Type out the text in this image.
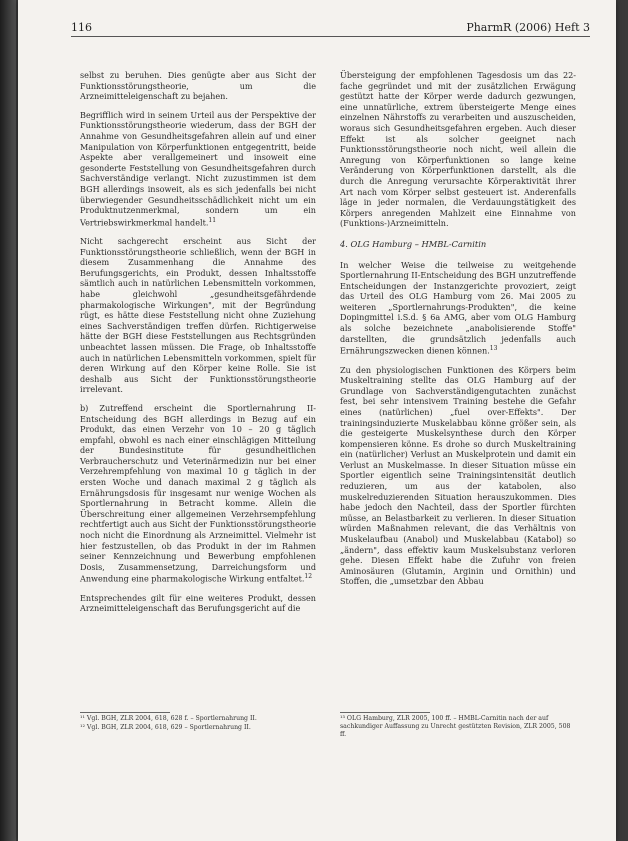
116	PharmR (2006) Heft 3

selbst zu beruhen. Dies genügte aber aus Sicht der Funktionsstörungstheorie, um die Arzneimitteleigenschaft zu bejahen.

Begrifflich wird in seinem Urteil aus der Perspektive der Funktionsstörungstheorie wiederum, dass der BGH der Annahme von Gesundheitsgefahren allein auf und einer Manipulation von Körperfunktionen entgegentritt, beide Aspekte aber verallgemeinert und insoweit eine gesonderte Feststellung von Gesundheitsgefahren durch Sachverständige verlangt. Nicht zuzustimmen ist dem BGH allerdings insoweit, als es sich jedenfalls bei nicht überwiegender Gesundheitsschädlichkeit nicht um ein Produktnutzenmerkmal, sondern um ein Vertriebswirkmerkmal handelt.$^{11}$

Nicht sachgerecht erscheint aus Sicht der Funktionsstörungstheorie schließlich, wenn der BGH in diesem Zusammenhang die Annahme des Berufungsgerichts, ein Produkt, dessen Inhaltsstoffe sämtlich auch in natürlichen Lebensmitteln vorkommen, habe gleichwohl „gesundheitsgefährdende pharmakologische Wirkungen", mit der Begründung rügt, es hätte diese Feststellung nicht ohne Zuziehung eines Sachverständigen treffen dürfen. Richtigerweise hätte der BGH diese Feststellungen aus Rechtsgründen unbeachtet lassen müssen. Die Frage, ob Inhaltsstoffe auch in natürlichen Lebensmitteln vorkommen, spielt für deren Wirkung auf den Körper keine Rolle. Sie ist deshalb aus Sicht der Funktionsstörungstheorie irrelevant.

b) Zutreffend erscheint die Sportlernahrung II-Entscheidung des BGH allerdings in Bezug auf ein Produkt, das einen Verzehr von 10 – 20 g täglich empfahl, obwohl es nach einer einschlägigen Mitteilung der Bundesinstitute für gesundheitlichen Verbraucherschutz und Veterinärmedizin nur bei einer Verzehrempfehlung von maximal 10 g täglich in der ersten Woche und danach maximal 2 g täglich als Ernährungsdosis für insgesamt nur wenige Wochen als Sportlernahrung in Betracht komme. Allein die Überschreitung einer allgemeinen Verzehrsempfehlung rechtfertigt auch aus Sicht der Funktionsstörungstheorie noch nicht die Einordnung als Arzneimittel. Vielmehr ist hier festzustellen, ob das Produkt in der im Rahmen seiner Kennzeichnung und Bewerbung empfohlenen Dosis, Zusammensetzung, Darreichungsform und Anwendung eine pharmakologische Wirkung entfaltet.$^{12}$

Entsprechendes gilt für eine weiteres Produkt, dessen Arzneimitteleigenschaft das Berufungsgericht auf die

Übersteigung der empfohlenen Tagesdosis um das 22-fache gegründet und mit der zusätzlichen Erwägung gestützt hatte der Körper werde dadurch gezwungen, eine unnatürliche, extrem übersteigerte Menge eines einzelnen Nährstoffs zu verarbeiten und auszuscheiden, woraus sich Gesundheitsgefahren ergeben. Auch dieser Effekt ist als solcher geeignet nach Funktionsstörungstheorie noch nicht, weil allein die Anregung von Körperfunktionen so lange keine Veränderung von Körperfunktionen darstellt, als die durch die Anregung verursachte Körperaktivität ihrer Art nach vom Körper selbst gesteuert ist. Anderenfalls läge in jeder normalen, die Verdauungstätigkeit des Körpers anregenden Mahlzeit eine Einnahme von (Funktions-)Arzneimitteln.

4. OLG Hamburg – HMBL-Carnitin

In welcher Weise die teilweise zu weitgehende Sportlernahrung II-Entscheidung des BGH unzutreffende Entscheidungen der Instanzgerichte provoziert, zeigt das Urteil des OLG Hamburg vom 26. Mai 2005 zu weiteren „Sportlernahrungs-Produkten", die keine Dopingmittel i.S.d. § 6a AMG, aber vom OLG Hamburg als solche bezeichnete „anabolisierende Stoffe" darstellten, die grundsätzlich jedenfalls auch Ernährungszwecken dienen können.$^{13}$

Zu den physiologischen Funktionen des Körpers beim Muskeltraining stellte das OLG Hamburg auf der Grundlage von Sachverständigengutachten zunächst fest, bei sehr intensivem Training bestehe die Gefahr eines (natürlichen) „fuel over-Effekts". Der trainingsinduzierte Muskelabbau könne größer sein, als die gesteigerte Muskelsynthese durch den Körper kompensieren könne. Es drohe so durch Muskeltraining ein (natürlicher) Verlust an Muskelprotein und damit ein Verlust an Muskelmasse. In dieser Situation müsse ein Sportler eigentlich seine Trainingsintensität deutlich reduzieren, um aus der katabolen, also muskelreduzierenden Situation herauszukommen. Dies habe jedoch den Nachteil, dass der Sportler fürchten müsse, an Belastbarkeit zu verlieren. In dieser Situation würden Maßnahmen relevant, die das Verhältnis von Muskelaufbau (Anabol) und Muskelabbau (Katabol) so „ändern", dass effektiv kaum Muskelsubstanz verloren gehe. Diesen Effekt habe die Zufuhr von freien Aminosäuren (Glutamin, Arginin und Ornithin) und Stoffen, die „umsetzbar den Abbau

¹¹ Vgl. BGH, ZLR 2004, 618, 628 f. – Sportlernahrung II.
¹² Vgl. BGH, ZLR 2004, 618, 629 – Sportlernahrung II.
¹³ OLG Hamburg, ZLR 2005, 100 ff. – HMBL-Carnitin nach der auf sachkundiger Auffassung zu Unrecht gestützten Revision, ZLR 2005, 508 ff.
